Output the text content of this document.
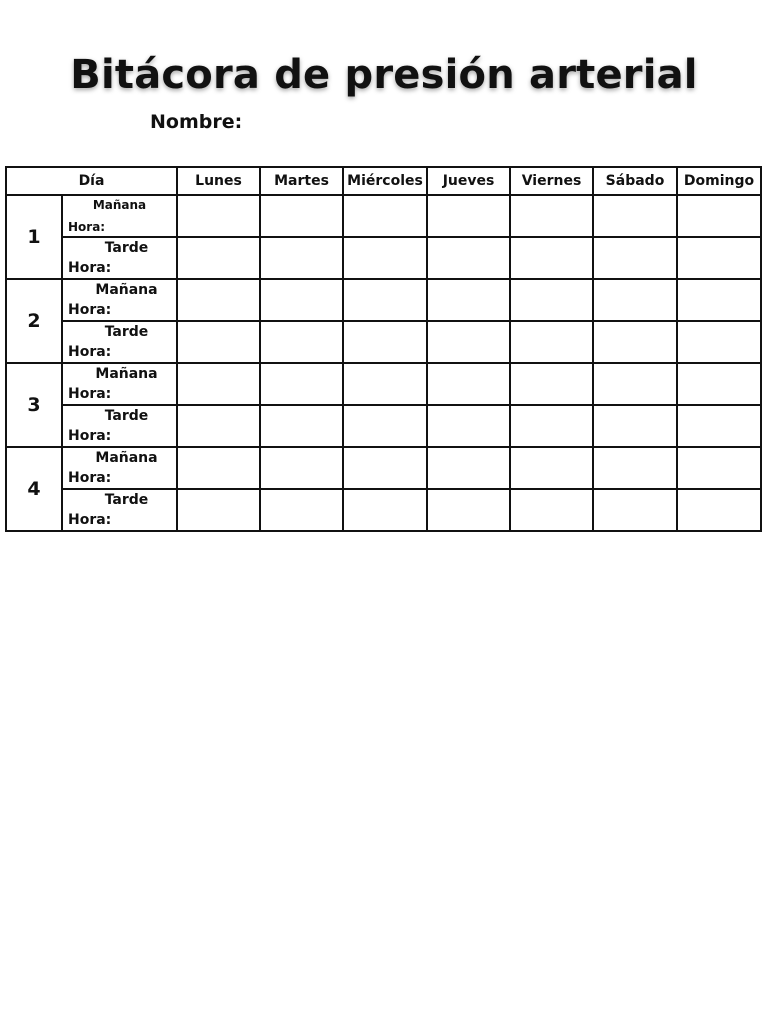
Bitácora de presión arterial
Nombre:
Día		Lunes	Martes	Miércoles	Jueves	Viernes	Sábado	Domingo
1	Mañana
Hora:							

	Tarde
Hora:							

2	Mañana
Hora:							

	Tarde
Hora:							

3	Mañana
Hora:							

	Tarde
Hora:							

4	Mañana
Hora:							

	Tarde
Hora:							
